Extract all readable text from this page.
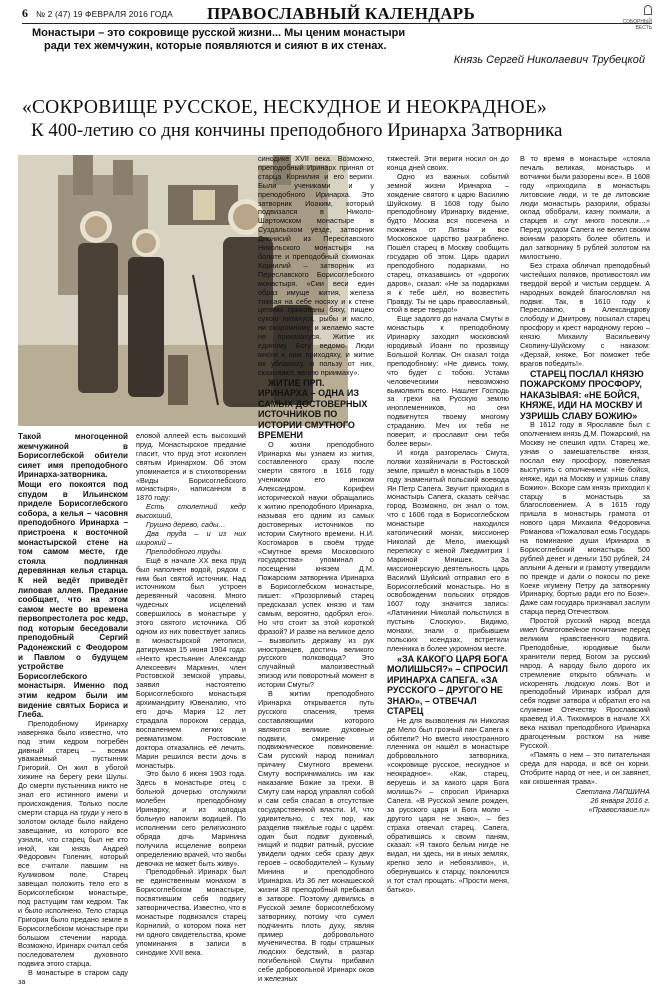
6 № 2 (47) 19 ФЕВРАЛЯ 2016 ГОДА ПРАВОСЛАВНЫЙ КАЛЕНДАРЬ	СОБОРНЫЙ ВЕСТЬ
Монастыри – это сокровище русской жизни... Мы ценим монастыри
ради тех жемчужин, которые появляются и сияют в их стенах.
Князь Сергей Николаевич Трубецкой
«СОКРОВИЩЕ РУССКОЕ, НЕСКУДНОЕ И НЕОКРАДНОЕ»
К 400-летию со дня кончины преподобного Иринарха Затворника

Такой многоценной жемчужиной в Борисоглебской обители сияет имя преподобного Иринарха-затворника. Мощи его покоятся под спудом в Ильинском приделе Борисоглебского собора, а келья – часовня преподобного Иринарха – пристроена к восточной монастырской стене на том самом месте, где стояла подлинная деревянная келья старца. К ней ведёт приведёт липовая аллея. Предание сообщает, что на этом самом месте во времена первопрестолета рос кедр, под которым беседовали преподобный Сергий Радонежский с Феодором и Павлом о будущем устройстве Борисоглебского монастыря. Именно под этим кедром были им видение святых Бориса и Глеба.

Преподобному Иринарху наверняка было известно, что под этим кедром погребён дивный старец – всеми уважаемый пустынник Григорий. Он жил в убогой хижине на берегу реки Шулы. До смерти пустынника никто не знал его истинного имени и происхождения. Только после смерти старца на груди у него в золотом окладе было найдено завещание, из которого все узнали, что старец был не кто иной, как князь Андрей Фёдорович Голенин, который все считали павшим на Куликовом поле. Старец завещал положить тело его в Борисоглебском монастыре, под растущим там кедром. Так и было исполнено. Тело старца Григория было предано земле в Борисоглебском монастыре при большом стечении народа. Возможно, Иринарх считал себя последователем духовного подвига этого старца.

В монастыре в старом саду за

еловой аллеей есть высохший пруд. Монастырское предание гласит, что пруд этот ископлен святым Иринархом. Об этом упоминается и в стихотворении «Виды Борисоглебского монастыря», написанном в 1870 году:

Есть столетний кедр высохший,

Грушно дерево, сады…

Два пруда – и из них широкий –

Преподобного труды.

Ещё в начале XX века пруд был наполнен водой, рядом с ним был святой источник. Над источником был устроен деревянный часовня. Много чудесных исцелений совершилось в монастыре у этого святого источника. Об одном из них повествует запись в монастырской летописи, датируемая 15 июня 1904 года: «Некто крестьянин Александр Алексеевич Маринин, член Ростовской земской управы, заявил настоятелю Борисоглебского монастыря архимандриту Ювеналию, что его дочь Мария 12 лет страдала пороком сердца, воспалением легких и ревматизмом. Ростовские доктора отказались её лечить. Марин решился вести дочь в монастырь.

Это было 6 июня 1903 года. Здесь в монастыре отец с больной дочерью отслужили молебен преподобному Иринарху, и из колодца больную напоили водицей. По исполнении сего религиозного обряда дочь Маринина получила исцеление вопреки определению врачей, что якобы девочка не может быть живу».

Преподобный Иринарх был не единственным монахом в Борисоглебском монастыре, посвятившим себя подвигу затворничества. Известно, что в монастыре подвизался старец Корнилий, о котором пока нет ни одного свидетельства, кроме упоминания в записи в синодике XVII века.

синодике XVII века. Возможно, преподобный Иринарх принял от старца Корнилия и его вериги. Были учениками и у преподобного Иринарха. Это затворник Иоаким, который подвизался в Николо-Шартомском монастыре в Суздальском уезде, затворник Дионисий из Переславского Никольского монастыря на болоте и преподобный схимонах Корнилий – затворник из Переславского Борисоглебского монастыря. «Сии веси един образ имуще жития, железа тяжкая на себе носяху и к стене цепями прикованы бяху, пищею сухою питахуся, рыбы и масло, ни скоромному, и желаемо яасте не приказахуся. Житие их единому Богу ведомо. Люди многи к ним приходяху, и житие их убламаху, и пользу от них, сказывают, велию приимаху».

ЖИТИЕ ПРП. ИРИНАРХА – ОДНА ИЗ САМЫХ ДОСТОВЕРНЫХ ИСТОЧНИКОВ ПО ИСТОРИИ СМУТНОГО ВРЕМЕНИ

О жизни преподобного Иринарха мы узнаем из жития, составленного сразу после смерти святого в 1616 году учеником его иноком Александром. Корифеи исторической науки обращались к житию преподобного Иринарха, называя его одним из самых достоверных источников по истории Смутного времени. Н.И. Костомаров в своём труде «Смутное время Московского государства» упоминал о посещении князем Д.М. Пожарским затворника Иринарха в Борисоглебском монастыре, пишет: «Прозорливый старец предсказал успех князю и там самым, вероятно, одобрял его». Но что стоит за этой короткой фразой? И разве на великое дело – вызволить державу из рук иностранцев, достичь великого русского полководца? Это случайный малоизвестный эпизод или поворотный момент в истории Смуты?

В житии преподобного Иринарха открывается путь русского спасения, тремя составляющими которого являются великие духовные подвиги, смирение и подвижническое повиновение. Сам русский народ понимал причину Смутного времени. Смуту воспринимались им как наказание Божие за грехи. В Смуту сам народ управлял собой и сам себя спасал в отсутствие государственной власти. И, что удивительно, с тех пор, как разделив тяжёлые годы с царём: один был подвиг духовный, нищий и подвиг ратный, русские увидели одних себя сразу двух героев – освободителей – Кузьму Минина и преподобного Иринарха. Из 36 лет монашеской жизни 38 преподобный пребывал в затворе. Поэтому дивились в Русской земле борисоглебскому затворнику, потому что сумел подчинить плоть духу, являя пример добровольного мученичества. В годы страшных людских бедствий, в разгар погибельной Смуты прибавил себе добровольной Иринарх оков и железных

тяжестей. Эти вериги носил он до конца дней своих.

Одно из важных событий земной жизни Иринарха – хождение святого к царю Василию Шуйскому. В 1608 году было преподобному Иринарху видение, будто Москва вся посечена и пожжена от Литвы и все Московское царство разграблено. Пошёл старец в Москву сообщить государю об этом. Царь одарил преподобного подарками, но старец, отказавшись от «дорогих даров», сказал: «Не за подарками я к тебе шёл, но возвестить Правду. Ты не царь православный, стой в вере твердо!»

Еще задолго до начала Смуты в монастырь к преподобному Иринарху заходил московский юродивый Иоанн по прозвищу Большой Колпак. Он сказал тогда преподобному: «Не дивись тому, что будет с тобою. Устами человеческими невозможно вымолвить всего. Нашлет Господь за грехи на Русскую землю иноплеменников, но они подвигнутся твоему многому страданию. Меч их тебя не поверит, и прославит они тебя более веры».

И когда разгорелась Смута, поляки хозяйничали в Ростовской земле, пришёл в монастырь в 1609 году знаменитый польский воевода Ян Петр Сапега. Звучит приходил в монастырь Сапега, сказать сейчас город. Возможно, он знал о том, что с 1606 года в Борисоглебском монастыре находился католический монах, миссионер Николай де Мело, имеющий переписку с женой Лжедмитрия I Мариной Мнишек. За миссионерскую деятельность царь Василий Шуйский отправил его в Борисоглебский монастырь. Но в освобождении польских отрядов 1607 году значится запись: «Латининии Николай польстился в пустынь Слоскую». Видимо, монахи, знали о прибывшем польских ксендзах, встретили пленника в более укромном месте.

«ЗА КАКОГО ЦАРЯ БОГА МОЛИШЬСЯ?» – СПРОСИЛ ИРИНАРХА САПЕГА. «ЗА РУССКОГО – ДРУГОГО НЕ ЗНАЮ», – ОТВЕЧАЛ СТАРЕЦ

Не для вызволения ли Николая де Мело был грозный пан Сапега к обители? Но вместо иностранного пленника он нашёл в монастыре добровольного затворника, «сокровище русское, нескудное и неокрадное». «Как, старец, веруешь и за какого царя Бога молишь?» – спросил Иринарха Сапега. «В Русской земле рожден, за русского царя и Бога молю – другого царя не знаю», – без страха отвечал старец. Сапега, обратившись к своим паням, сказал: «Я такого белым нигде не видал, ни здесь, ни в иных землях, крепко зело и небоязливо», и, обернувшись к старцу, поклонился и тот стал прощать: «Прости меня, батько».

В то время в монастыре «стояла печаль великая, монастырь и вотчинки были разорены все». В 1608 году «приходила в монастырь литовские люди, и те де литовские люди монастырь разорили, образы оклад обобрали, казну поимали, а старцев и слуг много посекли…» Перед уходом Сапега не велел своим воинам разорять более обитель и дал затворнику 5 рублей золотом на милостыню.

Без страха обличал преподобный чистейших поляков, противостоял им твердой верой и чистым сердцем. А народных вождей благословлял на подвиг. Так, в 1610 году к Переславлю, в Александрову слободу и Дмитрову, посылал старец просфору и крест народному герою – князю Михаилу Васильевичу Скопину-Шуйскому с наказом: «Дерзай, княже, Бог поможет тебе врагов победить!».

СТАРЕЦ ПОСЛАЛ КНЯЗЮ ПОЖАРСКОМУ ПРОСФОРУ, НАКАЗЫВАЯ: «НЕ БОЙСЯ, КНЯЖЕ, ИДИ НА МОСКВУ И УЗРИШЬ СЛАВУ БОЖИЮ»

В 1612 году в Ярославле был с ополчением князь Д.М. Пожарский, на Москву не спешил идти. Старец же, узнав о замешательстве князя, послал ему просфору, повелевая выступить с ополчением: «Не бойся, княже, иди на Москву и узришь славу Божию». Вскоре сам князь приходил к старцу в монастырь за благословением. А в 1615 году пришла в монастырь грамота от нового царя Михаила Фёдоровича Романова «Пожаловал есмь Государь на поминание души Иринарха в Борисоглебский монастырь 500 рублей денег и деньги 150 рублей, 24 аплыни А деньги и грамоту утвердили по прежде и дали о покосы по реке Коеке игумену Петру да затворнику Иринарху, бортью ради его по Бозе». Даже сам государь признавал заслуги старца перед Отечеством.

Простой русский народ всегда имел благоговейное почитание перед великим нравственного подвига. Преподобные, юродивые были хранители перед Богом за русский народ. А народу было дорого их стремление открыто обличать и искоренять людскую ложь. Вот и преподобный Иринарх избрал для себя подвиг затвора и обратил его на служение Отечеству. Ярославский краевед И.А. Тихомиров в начале XX века назвал преподобного Иринарха драгоценным ростком на ниве Русской.

«Память о нем – это питательная среда для народа, и всё он корни. Отобрите народ от нее, и он завянет, как скошенная трава».

Светлана ЛАПШИНА
26 января 2016 г.
«Православие.ru»
